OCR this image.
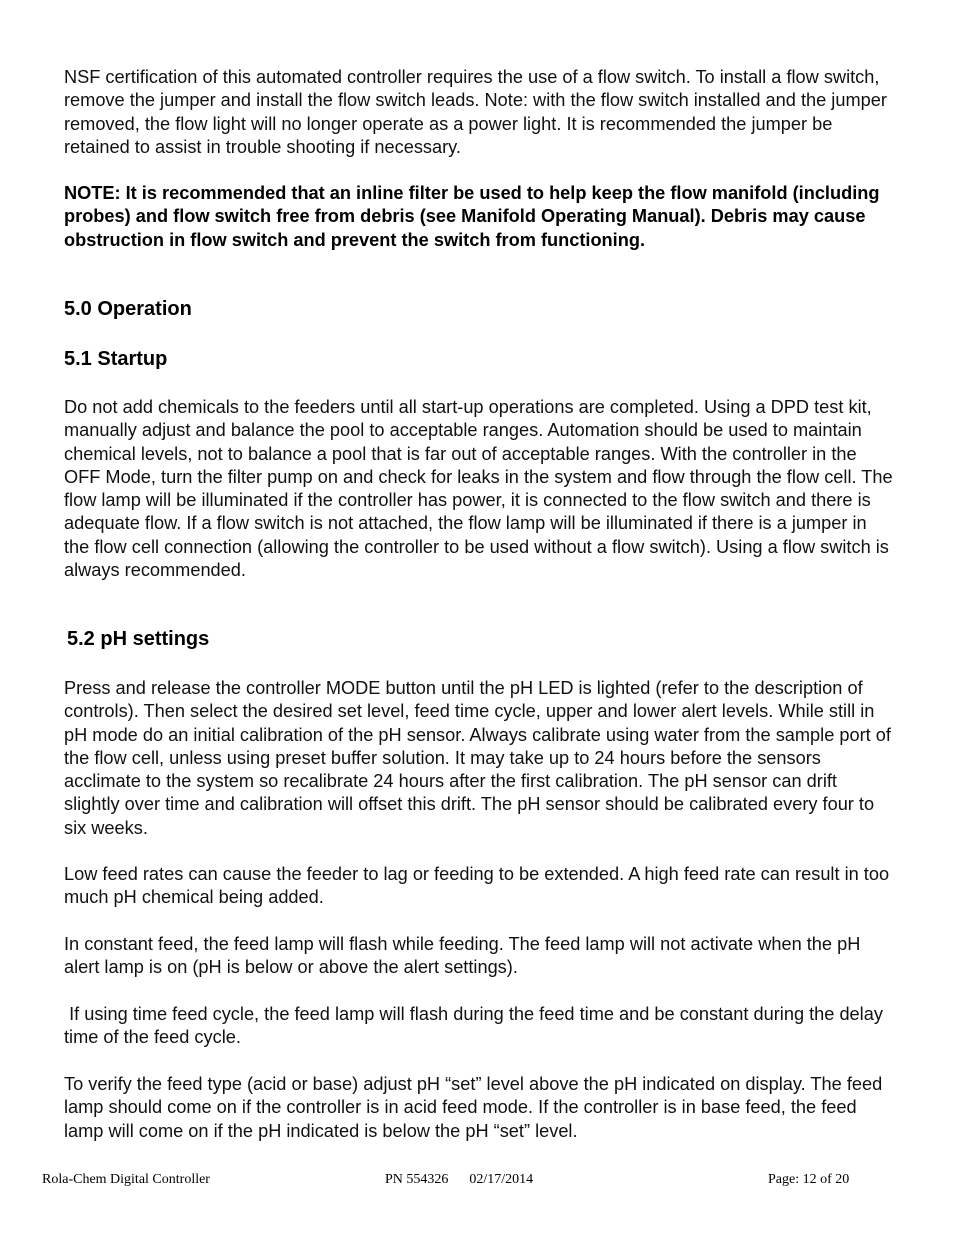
NSF certification of this automated controller requires the use of a flow switch. To install a flow switch, remove the jumper and install the flow switch leads. Note: with the flow switch installed and the jumper removed, the flow light will no longer operate as a power light. It is recommended the jumper be retained to assist in trouble shooting if necessary.

NOTE: It is recommended that an inline filter be used to help keep the flow manifold (including probes) and flow switch free from debris (see Manifold Operating Manual). Debris may cause obstruction in flow switch and prevent the switch from functioning.

5.0 Operation
5.1 Startup

Do not add chemicals to the feeders until all start-up operations are completed. Using a DPD test kit, manually adjust and balance the pool to acceptable ranges. Automation should be used to maintain chemical levels, not to balance a pool that is far out of acceptable ranges. With the controller in the OFF Mode, turn the filter pump on and check for leaks in the system and flow through the flow cell. The flow lamp will be illuminated if the controller has power, it is connected to the flow switch and there is adequate flow. If a flow switch is not attached, the flow lamp will be illuminated if there is a jumper in the flow cell connection (allowing the controller to be used without a flow switch). Using a flow switch is always recommended.

5.2 pH settings

Press and release the controller MODE button until the pH LED is lighted (refer to the description of controls). Then select the desired set level, feed time cycle, upper and lower alert levels. While still in pH mode do an initial calibration of the pH sensor. Always calibrate using water from the sample port of the flow cell, unless using preset buffer solution. It may take up to 24 hours before the sensors acclimate to the system so recalibrate 24 hours after the first calibration. The pH sensor can drift slightly over time and calibration will offset this drift. The pH sensor should be calibrated every four to six weeks.

Low feed rates can cause the feeder to lag or feeding to be extended. A high feed rate can result in too much pH chemical being added.

In constant feed, the feed lamp will flash while feeding. The feed lamp will not activate when the pH alert lamp is on (pH is below or above the alert settings).

If using time feed cycle, the feed lamp will flash during the feed time and be constant during the delay time of the feed cycle.

To verify the feed type (acid or base) adjust pH “set” level above the pH indicated on display. The feed lamp should come on if the controller is in acid feed mode. If the controller is in base feed, the feed lamp will come on if the pH indicated is below the pH “set” level.

Rola-Chem Digital Controller	PN 554326      02/17/2014	Page: 12 of 20
